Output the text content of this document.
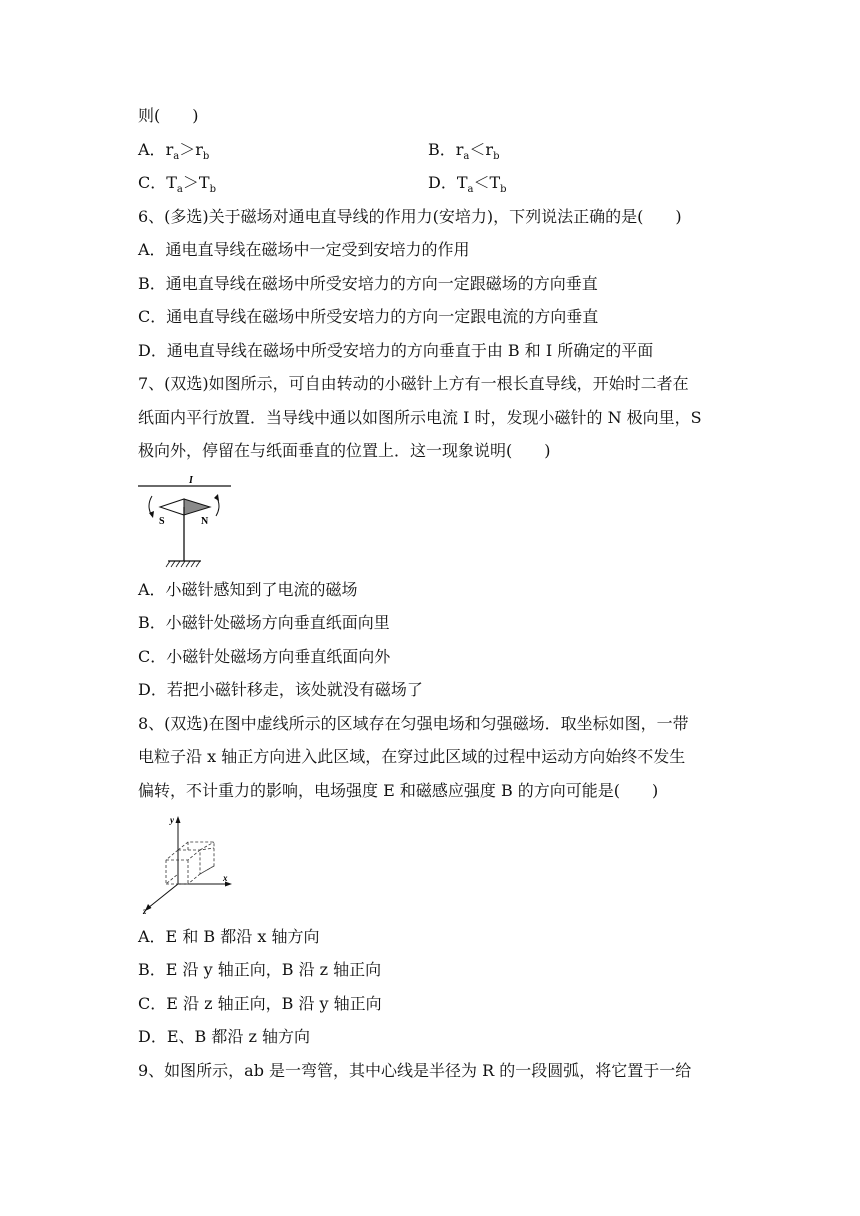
则(　　)
A．$r_a>r_b$	B．$r_a<r_b$
C．$T_a>T_b$	D．$T_a<T_b$
6、(多选)关于磁场对通电直导线的作用力(安培力)，下列说法正确的是(　　)
A．通电直导线在磁场中一定受到安培力的作用
B．通电直导线在磁场中所受安培力的方向一定跟磁场的方向垂直
C．通电直导线在磁场中所受安培力的方向一定跟电流的方向垂直
D．通电直导线在磁场中所受安培力的方向垂直于由 B 和 I 所确定的平面
7、(双选)如图所示，可自由转动的小磁针上方有一根长直导线，开始时二者在
纸面内平行放置．当导线中通以如图所示电流 I 时，发现小磁针的 N 极向里，S
极向外，停留在与纸面垂直的位置上．这一现象说明(　　)
I
S	N
A．小磁针感知到了电流的磁场
B．小磁针处磁场方向垂直纸面向里
C．小磁针处磁场方向垂直纸面向外
D．若把小磁针移走，该处就没有磁场了
8、(双选)在图中虚线所示的区域存在匀强电场和匀强磁场．取坐标如图，一带
电粒子沿 x 轴正方向进入此区域，在穿过此区域的过程中运动方向始终不发生
偏转，不计重力的影响，电场强度 E 和磁感应强度 B 的方向可能是(　　)
y
x
z
A．E 和 B 都沿 x 轴方向
B．E 沿 y 轴正向，B 沿 z 轴正向
C．E 沿 z 轴正向，B 沿 y 轴正向
D．E、B 都沿 z 轴方向
9、如图所示，ab 是一弯管，其中心线是半径为 R 的一段圆弧，将它置于一给
